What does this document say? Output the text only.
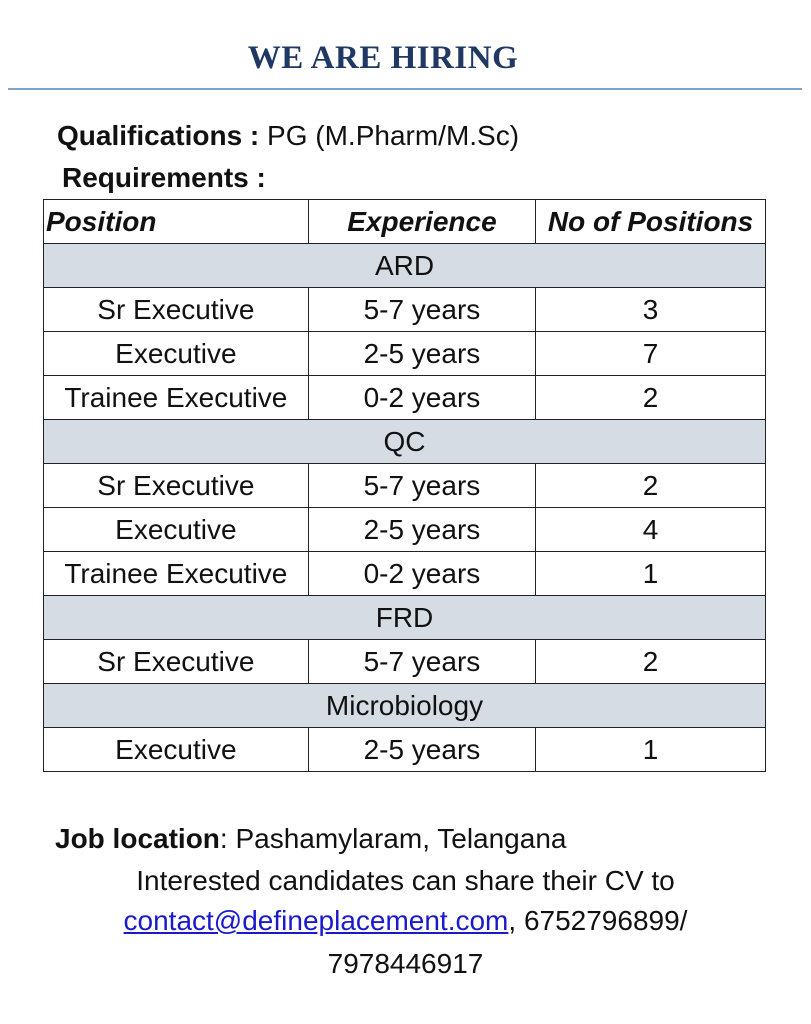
WE ARE HIRING
Qualifications : PG (M.Pharm/M.Sc)
Requirements :
Position	Experience	No of Positions
ARD		
Sr Executive	5-7 years	3
Executive	2-5 years	7
Trainee Executive	0-2 years	2
QC		
Sr Executive	5-7 years	2
Executive	2-5 years	4
Trainee Executive	0-2 years	1
FRD		
Sr Executive	5-7 years	2
Microbiology		
Executive	2-5 years	1
Job location: Pashamylaram, Telangana
Interested candidates can share their CV to
contact@defineplacement.com, 6752796899/
7978446917
